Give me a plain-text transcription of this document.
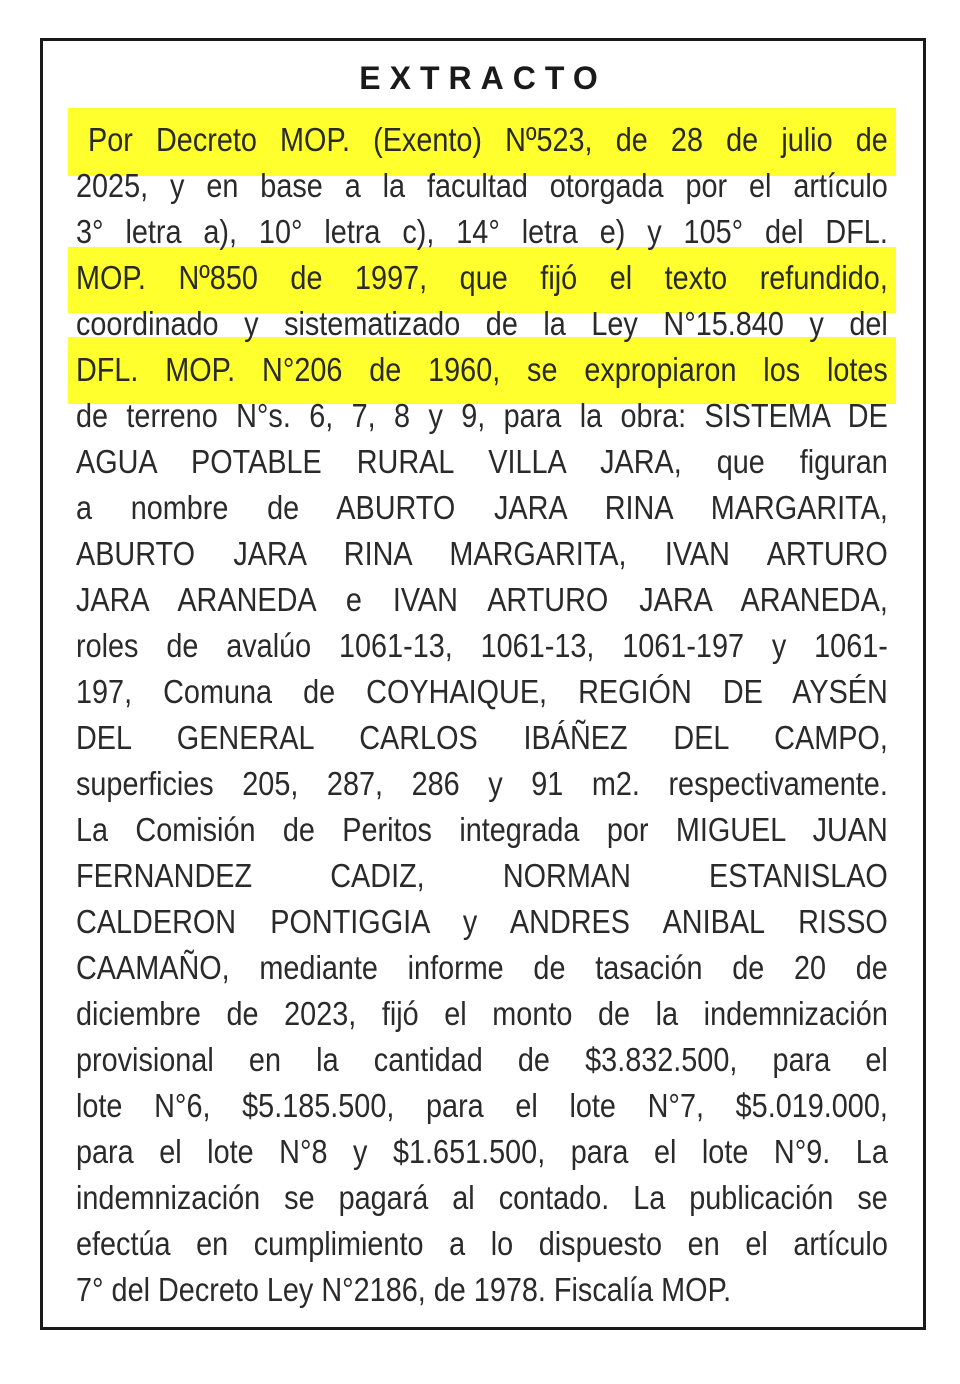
EXTRACTO
Por Decreto MOP. (Exento) Nº523, de 28 de julio de
2025, y en base a la facultad otorgada por el artículo
3° letra a), 10° letra c), 14° letra e) y 105° del DFL.
MOP. Nº850 de 1997, que fijó el texto refundido,
coordinado y sistematizado de la Ley N°15.840 y del
DFL. MOP. N°206 de 1960, se expropiaron los lotes
de terreno N°s. 6, 7, 8 y 9, para la obra: SISTEMA DE
AGUA POTABLE RURAL VILLA JARA, que figuran
a nombre de ABURTO JARA RINA MARGARITA,
ABURTO JARA RINA MARGARITA, IVAN ARTURO
JARA ARANEDA e IVAN ARTURO JARA ARANEDA,
roles de avalúo 1061-13, 1061-13, 1061-197 y 1061-
197, Comuna de COYHAIQUE, REGIÓN DE AYSÉN
DEL GENERAL CARLOS IBÁÑEZ DEL CAMPO,
superficies 205, 287, 286 y 91 m2. respectivamente.
La Comisión de Peritos integrada por MIGUEL JUAN
FERNANDEZ CADIZ, NORMAN ESTANISLAO
CALDERON PONTIGGIA y ANDRES ANIBAL RISSO
CAAMAÑO, mediante informe de tasación de 20 de
diciembre de 2023, fijó el monto de la indemnización
provisional en la cantidad de $3.832.500, para el
lote N°6, $5.185.500, para el lote N°7, $5.019.000,
para el lote N°8 y $1.651.500, para el lote N°9. La
indemnización se pagará al contado. La publicación se
efectúa en cumplimiento a lo dispuesto en el artículo
7° del Decreto Ley N°2186, de 1978. Fiscalía MOP.
